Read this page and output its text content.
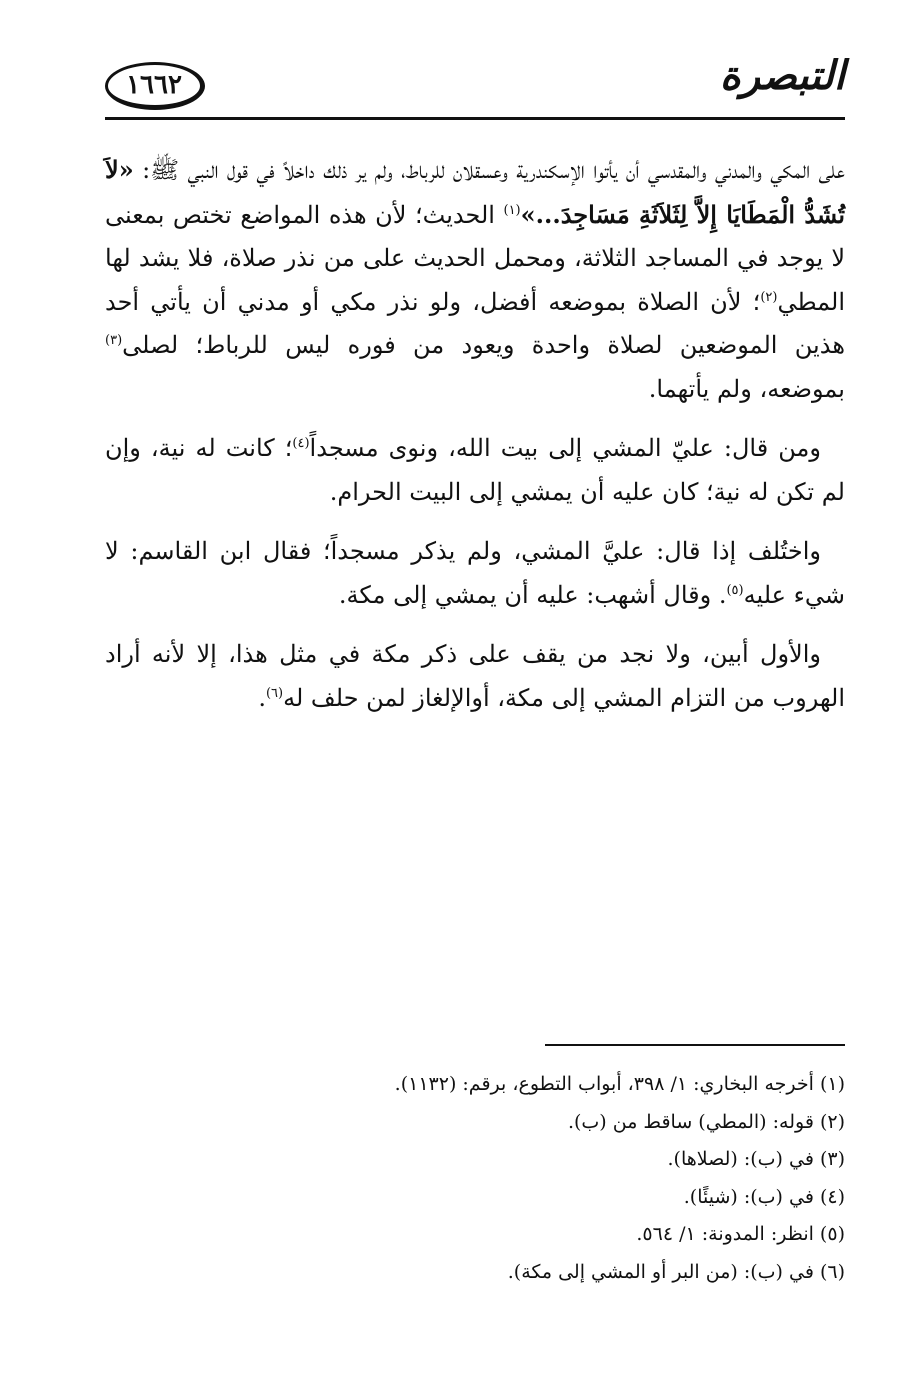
١٦٦٢	التبصرة

على المكي والمدني والمقدسي أن يأتوا الإسكندرية وعسقلان للرباط، ولم ير ذلك داخلاً في قول النبي ﷺ: «لاَ تُشَدُّ الْمَطَايَا إِلاَّ لِثَلاَثَةِ مَسَاجِدَ...»$^{(١)}$ الحديث؛ لأن هذه المواضع تختص بمعنى لا يوجد في المساجد الثلاثة، ومحمل الحديث على من نذر صلاة، فلا يشد لها المطي$^{(٢)}$؛ لأن الصلاة بموضعه أفضل، ولو نذر مكي أو مدني أن يأتي أحد هذين الموضعين لصلاة واحدة ويعود من فوره ليس للرباط؛ لصلى$^{(٣)}$ بموضعه، ولم يأتهما.

ومن قال: عليّ المشي إلى بيت الله، ونوى مسجداً$^{(٤)}$؛ كانت له نية، وإن لم تكن له نية؛ كان عليه أن يمشي إلى البيت الحرام.

واختُلف إذا قال: عليَّ المشي، ولم يذكر مسجداً؛ فقال ابن القاسم: لا شيء عليه$^{(٥)}$. وقال أشهب: عليه أن يمشي إلى مكة.

والأول أبين، ولا نجد من يقف على ذكر مكة في مثل هذا، إلا لأنه أراد الهروب من التزام المشي إلى مكة، أوالإلغاز لمن حلف له$^{(٦)}$.

(١) أخرجه البخاري: ١/ ٣٩٨، أبواب التطوع، برقم: (١١٣٢).
(٢) قوله: (المطي) ساقط من (ب).
(٣) في (ب): (لصلاها).
(٤) في (ب): (شيئًا).
(٥) انظر: المدونة: ١/ ٥٦٤.
(٦) في (ب): (من البر أو المشي إلى مكة).
